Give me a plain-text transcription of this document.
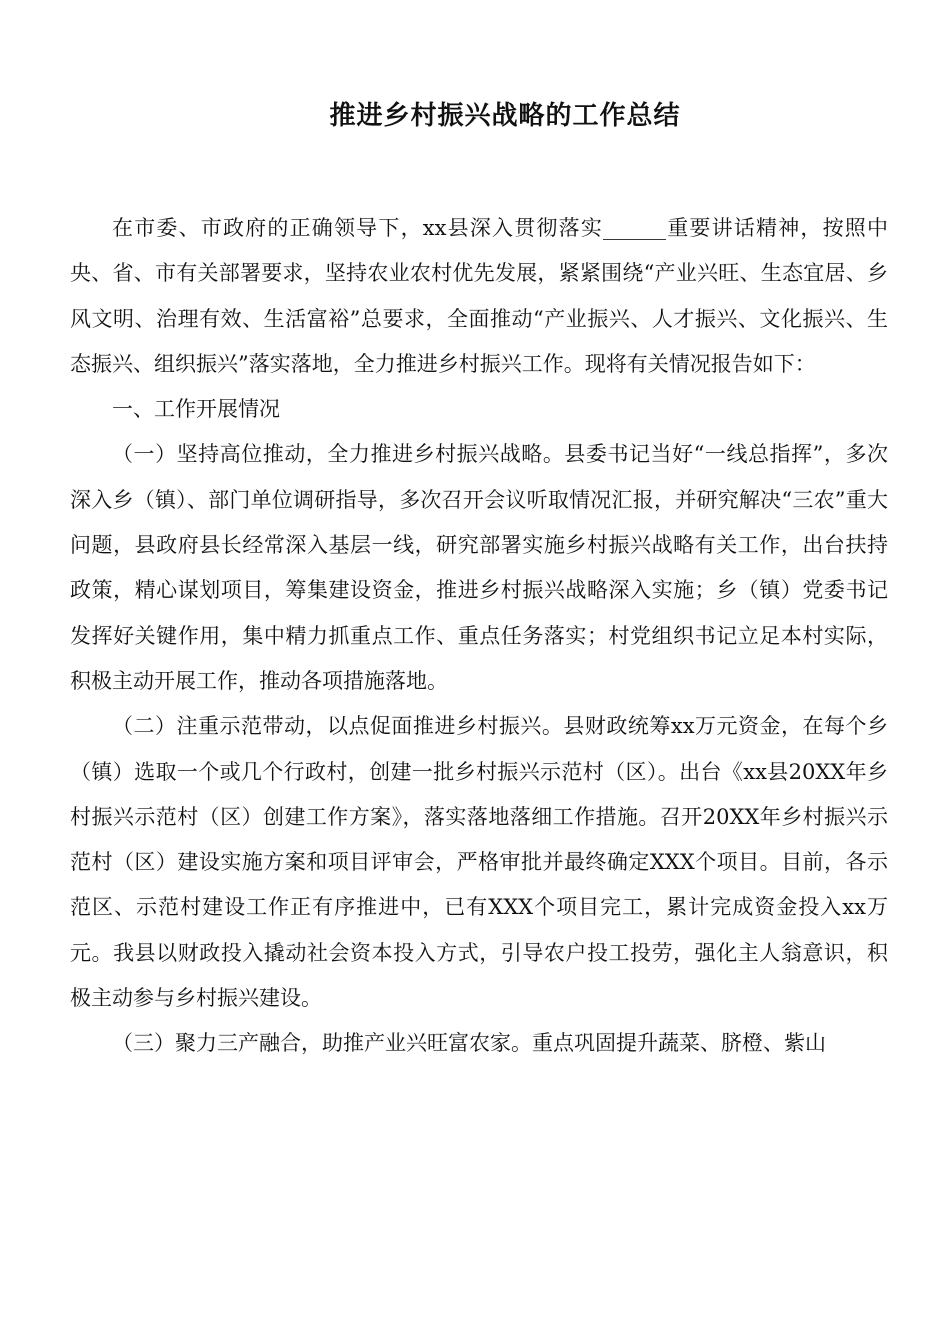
推进乡村振兴战略的工作总结

在市委、市政府的正确领导下，xx县深入贯彻落实______重要讲话精神，按照中央、省、市有关部署要求，坚持农业农村优先发展，紧紧围绕“产业兴旺、生态宜居、乡风文明、治理有效、生活富裕”总要求，全面推动“产业振兴、人才振兴、文化振兴、生态振兴、组织振兴”落实落地，全力推进乡村振兴工作。现将有关情况报告如下：

一、工作开展情况

（一）坚持高位推动，全力推进乡村振兴战略。县委书记当好“一线总指挥”，多次深入乡（镇）、部门单位调研指导，多次召开会议听取情况汇报，并研究解决“三农”重大问题，县政府县长经常深入基层一线，研究部署实施乡村振兴战略有关工作，出台扶持政策，精心谋划项目，筹集建设资金，推进乡村振兴战略深入实施；乡（镇）党委书记发挥好关键作用，集中精力抓重点工作、重点任务落实；村党组织书记立足本村实际，积极主动开展工作，推动各项措施落地。

（二）注重示范带动，以点促面推进乡村振兴。县财政统筹xx万元资金，在每个乡（镇）选取一个或几个行政村，创建一批乡村振兴示范村（区）。出台《xx县20XX年乡村振兴示范村（区）创建工作方案》，落实落地落细工作措施。召开20XX年乡村振兴示范村（区）建设实施方案和项目评审会，严格审批并最终确定XXX个项目。目前，各示范区、示范村建设工作正有序推进中，已有XXX个项目完工，累计完成资金投入xx万元。我县以财政投入撬动社会资本投入方式，引导农户投工投劳，强化主人翁意识，积极主动参与乡村振兴建设。

（三）聚力三产融合，助推产业兴旺富农家。重点巩固提升蔬菜、脐橙、紫山
